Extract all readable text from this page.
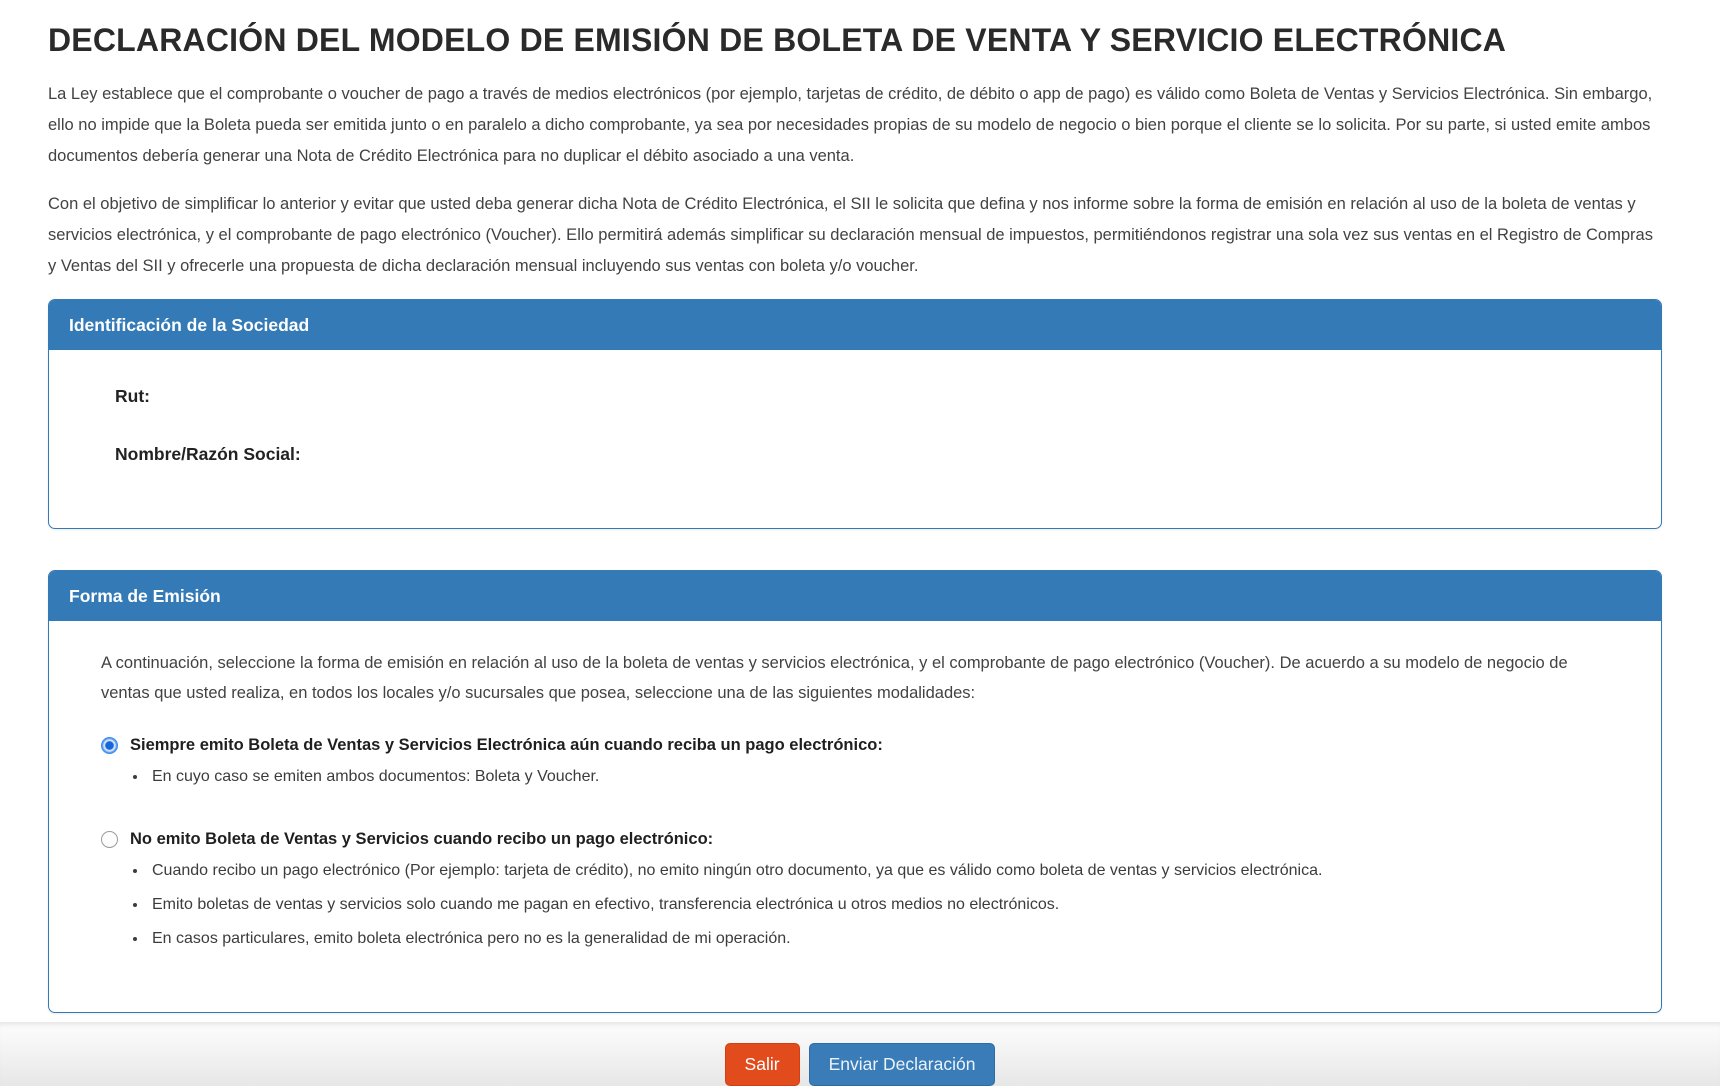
DECLARACIÓN DEL MODELO DE EMISIÓN DE BOLETA DE VENTA Y SERVICIO ELECTRÓNICA

La Ley establece que el comprobante o voucher de pago a través de medios electrónicos (por ejemplo, tarjetas de crédito, de débito o app de pago) es válido como Boleta de Ventas y Servicios Electrónica. Sin embargo, ello no impide que la Boleta pueda ser emitida junto o en paralelo a dicho comprobante, ya sea por necesidades propias de su modelo de negocio o bien porque el cliente se lo solicita. Por su parte, si usted emite ambos documentos debería generar una Nota de Crédito Electrónica para no duplicar el débito asociado a una venta.

Con el objetivo de simplificar lo anterior y evitar que usted deba generar dicha Nota de Crédito Electrónica, el SII le solicita que defina y nos informe sobre la forma de emisión en relación al uso de la boleta de ventas y servicios electrónica, y el comprobante de pago electrónico (Voucher). Ello permitirá además simplificar su declaración mensual de impuestos, permitiéndonos registrar una sola vez sus ventas en el Registro de Compras y Ventas del SII y ofrecerle una propuesta de dicha declaración mensual incluyendo sus ventas con boleta y/o voucher.

Identificación de la Sociedad
Rut:
Nombre/Razón Social:
Forma de Emisión

A continuación, seleccione la forma de emisión en relación al uso de la boleta de ventas y servicios electrónica, y el comprobante de pago electrónico (Voucher). De acuerdo a su modelo de negocio de ventas que usted realiza, en todos los locales y/o sucursales que posea, seleccione una de las siguientes modalidades:

Siempre emito Boleta de Ventas y Servicios Electrónica aún cuando reciba un pago electrónico:
• En cuyo caso se emiten ambos documentos: Boleta y Voucher.
No emito Boleta de Ventas y Servicios cuando recibo un pago electrónico:
• Cuando recibo un pago electrónico (Por ejemplo: tarjeta de crédito), no emito ningún otro documento, ya que es válido como boleta de ventas y servicios electrónica.
• Emito boletas de ventas y servicios solo cuando me pagan en efectivo, transferencia electrónica u otros medios no electrónicos.
• En casos particulares, emito boleta electrónica pero no es la generalidad de mi operación.
Salir	Enviar Declaración
